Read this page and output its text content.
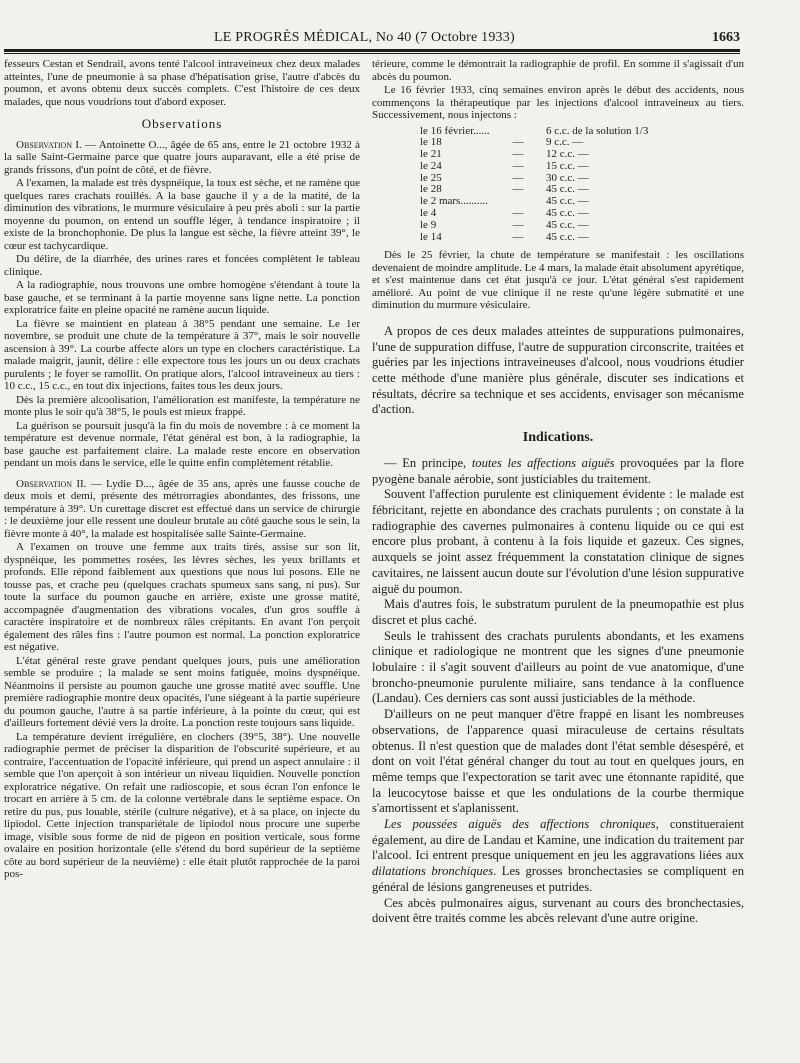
LE PROGRÈS MÉDICAL, No 40 (7 Octobre 1933)	1663

fesseurs Cestan et Sendrail, avons tenté l'alcool intraveineux chez deux malades atteintes, l'une de pneumonie à sa phase d'hépatisation grise, l'autre d'abcès du poumon, et avons obtenu deux succès complets. C'est l'histoire de ces deux malades, que nous voudrions tout d'abord exposer.

Observations

Observation I. — Antoinette O..., âgée de 65 ans, entre le 21 octobre 1932 à la salle Saint-Germaine parce que quatre jours auparavant, elle a été prise de grands frissons, d'un point de côté, et de fièvre.

A l'examen, la malade est très dyspnéique, la toux est sèche, et ne ramène que quelques rares crachats rouillés. A la base gauche il y a de la matité, de la diminution des vibrations, le murmure vésiculaire à peu près aboli : sur la partie moyenne du poumon, on entend un souffle léger, à tendance inspiratoire ; il existe de la bronchophonie. De plus la langue est sèche, la fièvre atteint 39°, le cœur est tachycardique.

Du délire, de la diarrhée, des urines rares et foncées complètent le tableau clinique.

A la radiographie, nous trouvons une ombre homogène s'étendant à toute la base gauche, et se terminant à la partie moyenne sans ligne nette. La ponction exploratrice faite en pleine opacité ne ramène aucun liquide.

La fièvre se maintient en plateau à 38°5 pendant une semaine. Le 1er novembre, se produit une chute de la température à 37°, mais le soir nouvelle ascension à 39°. La courbe affecte alors un type en clochers caractéristique. La malade maigrit, jaunit, délire : elle expectore tous les jours un ou deux crachats purulents ; le foyer se ramollit. On pratique alors, l'alcool intraveineux au tiers : 10 c.c., 15 c.c., en tout dix injections, faites tous les deux jours.

Dès la première alcoolisation, l'amélioration est manifeste, la température ne monte plus le soir qu'à 38°5, le pouls est mieux frappé.

La guérison se poursuit jusqu'à la fin du mois de novembre : à ce moment la température est devenue normale, l'état général est bon, à la radiographie, la base gauche est parfaitement claire. La malade reste encore en observation pendant un mois dans le service, elle le quitte enfin complètement rétablie.

Observation II. — Lydie D..., âgée de 35 ans, après une fausse couche de deux mois et demi, présente des métrorragies abondantes, des frissons, une température à 39°. Un curettage discret est effectué dans un service de chirurgie : le deuxième jour elle ressent une douleur brutale au côté gauche sous le sein, la fièvre monte à 40°, la malade est hospitalisée salle Sainte-Germaine.

A l'examen on trouve une femme aux traits tirés, assise sur son lit, dyspnéique, les pommettes rosées, les lèvres sèches, les yeux brillants et profonds. Elle répond faiblement aux questions que nous lui posons. Elle ne tousse pas, et crache peu (quelques crachats spumeux sans sang, ni pus). Sur toute la surface du poumon gauche en arrière, existe une grosse matité, accompagnée d'augmentation des vibrations vocales, d'un gros souffle à caractère inspiratoire et de nombreux râles crépitants. En avant l'on perçoit également des râles fins : l'autre poumon est normal. La ponction exploratrice est négative.

L'état général reste grave pendant quelques jours, puis une amélioration semble se produire ; la malade se sent moins fatiguée, moins dyspnéique. Néanmoins il persiste au poumon gauche une grosse matité avec souffle. Une première radiographie montre deux opacités, l'une siégeant à la partie supérieure du poumon gauche, l'autre à sa partie inférieure, à la pointe du cœur, qui est d'ailleurs fortement dévié vers la droite. La ponction reste toujours sans liquide.

La température devient irrégulière, en clochers (39°5, 38°). Une nouvelle radiographie permet de préciser la disparition de l'obscurité supérieure, et au contraire, l'accentuation de l'opacité inférieure, qui prend un aspect annulaire : il semble que l'on aperçoit à son intérieur un niveau liquidien. Nouvelle ponction exploratrice négative. On refait une radioscopie, et sous écran l'on enfonce le trocart en arrière à 5 cm. de la colonne vertébrale dans le septième espace. On retire du pus, pus louable, stérile (culture négative), et à sa place, on injecte du lipiodol. Cette injection transpariétale de lipiodol nous procure une superbe image, visible sous forme de nid de pigeon en position verticale, sous forme ovalaire en position horizontale (elle s'étend du bord supérieur de la septième côte au bord supérieur de la neuvième) : elle était plutôt rapprochée de la paroi pos-

térieure, comme le démontrait la radiographie de profil. En somme il s'agissait d'un abcès du poumon.

Le 16 février 1933, cinq semaines environ après le début des accidents, nous commençons la thérapeutique par les injections d'alcool intraveineux au tiers. Successivement, nous injectons :

le 16 février......		6 c.c. de la solution 1/3
le 18	—	9 c.c. —
le 21	—	12 c.c. —
le 24	—	15 c.c. —
le 25	—	30 c.c. —
le 28	—	45 c.c. —
le 2 mars..........		45 c.c. —
le 4	—	45 c.c. —
le 9	—	45 c.c. —
le 14	—	45 c.c. —

Dès le 25 février, la chute de température se manifestait : les oscillations devenaient de moindre amplitude. Le 4 mars, la malade était absolument apyrétique, et s'est maintenue dans cet état jusqu'à ce jour. L'état général s'est rapidement amélioré. Au point de vue clinique il ne reste qu'une légère submatité et une diminution du murmure vésiculaire.

A propos de ces deux malades atteintes de suppurations pulmonaires, l'une de suppuration diffuse, l'autre de suppuration circonscrite, traitées et guéries par les injections intraveineuses d'alcool, nous voudrions étudier cette méthode d'une manière plus générale, discuter ses indications et résultats, décrire sa technique et ses accidents, envisager son mécanisme d'action.

Indications.

— En principe, toutes les affections aiguës provoquées par la flore pyogène banale aérobie, sont justiciables du traitement.

Souvent l'affection purulente est cliniquement évidente : le malade est fébricitant, rejette en abondance des crachats purulents ; on constate à la radiographie des cavernes pulmonaires à contenu liquide ou ce qui est encore plus probant, à contenu à la fois liquide et gazeux. Ces signes, auxquels se joint assez fréquemment la constatation clinique de signes cavitaires, ne laissent aucun doute sur l'évolution d'une lésion suppurative aiguë du poumon.

Mais d'autres fois, le substratum purulent de la pneumopathie est plus discret et plus caché.

Seuls le trahissent des crachats purulents abondants, et les examens clinique et radiologique ne montrent que les signes d'une pneumonie lobulaire : il s'agit souvent d'ailleurs au point de vue anatomique, d'une broncho-pneumonie purulente miliaire, sans tendance à la confluence (Landau). Ces derniers cas sont aussi justiciables de la méthode.

D'ailleurs on ne peut manquer d'être frappé en lisant les nombreuses observations, de l'apparence quasi miraculeuse de certains résultats obtenus. Il n'est question que de malades dont l'état semble désespéré, et dont on voit l'état général changer du tout au tout en quelques jours, en même temps que l'expectoration se tarit avec une étonnante rapidité, que la leucocytose baisse et que les ondulations de la courbe thermique s'amortissent et s'aplanissent.

Les poussées aiguës des affections chroniques, constitueraient également, au dire de Landau et Kamine, une indication du traitement par l'alcool. Ici entrent presque uniquement en jeu les aggravations liées aux dilatations bronchiques. Les grosses bronchectasies se compliquent en général de lésions gangreneuses et putrides.

Ces abcès pulmonaires aigus, survenant au cours des bronchectasies, doivent être traités comme les abcès relevant d'une autre origine.
